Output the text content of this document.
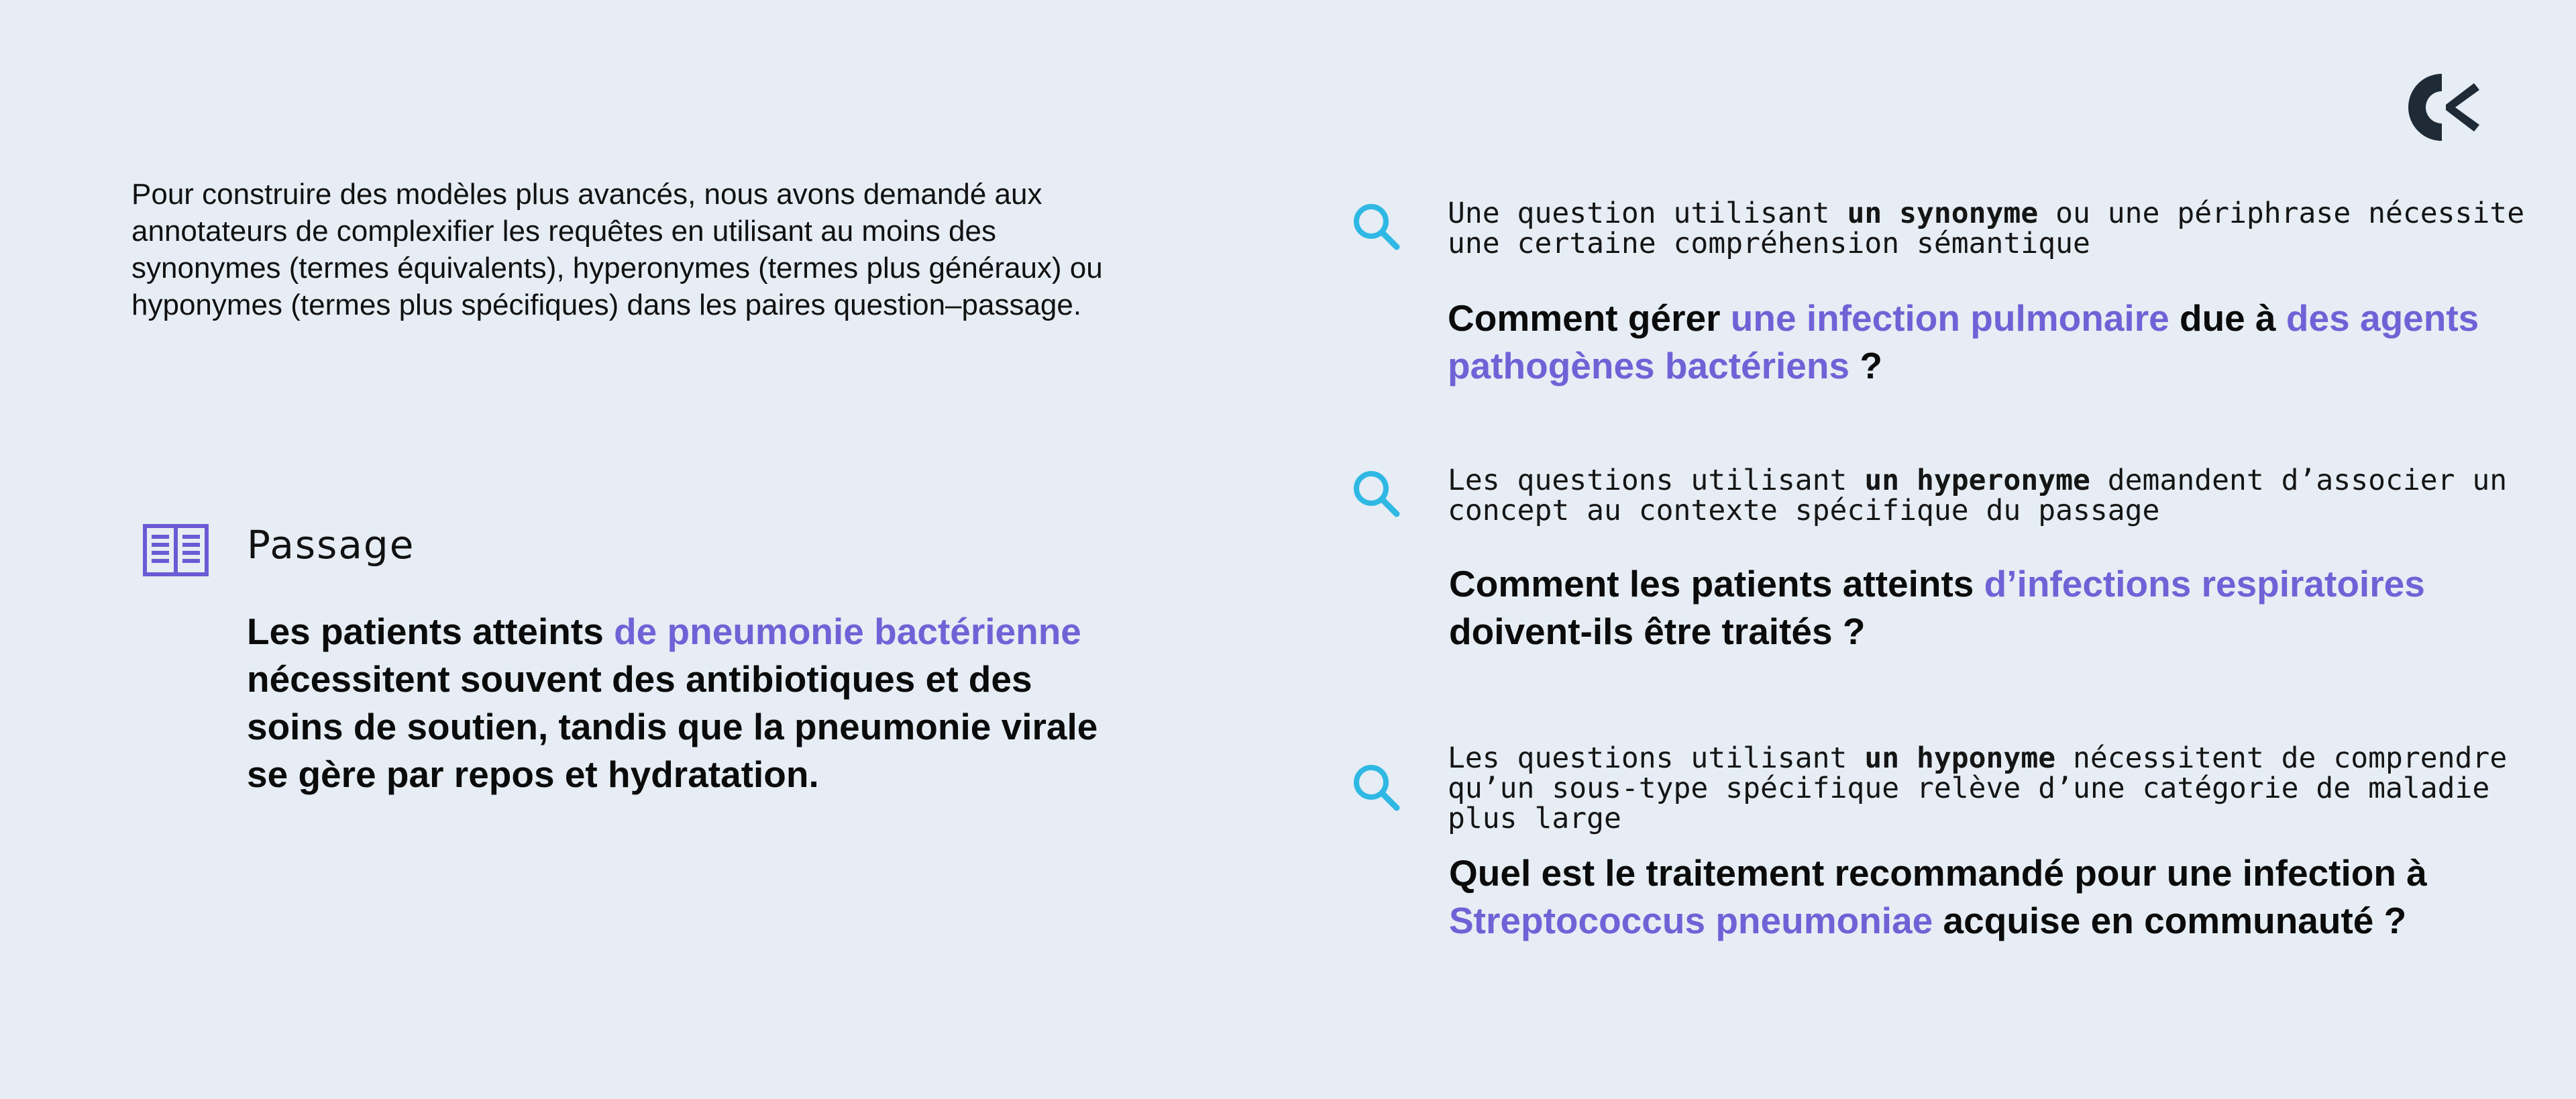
Pour construire des modèles plus avancés, nous avons demandé aux annotateurs de complexifier les requêtes en utilisant au moins des synonymes (termes équivalents), hyperonymes (termes plus généraux) ou hyponymes (termes plus spécifiques) dans les paires question–passage.

Passage

Les patients atteints de pneumonie bactérienne nécessitent souvent des antibiotiques et des soins de soutien, tandis que la pneumonie virale se gère par repos et hydratation.

Une question utilisant un synonyme ou une périphrase nécessite une certaine compréhension sémantique

Comment gérer une infection pulmonaire due à des agents pathogènes bactériens ?

Les questions utilisant un hyperonyme demandent d’associer un concept au contexte spécifique du passage

Comment les patients atteints d’infections respiratoires doivent-ils être traités ?

Les questions utilisant un hyponyme nécessitent de comprendre qu’un sous-type spécifique relève d’une catégorie de maladie plus large

Quel est le traitement recommandé pour une infection à Streptococcus pneumoniae acquise en communauté ?
